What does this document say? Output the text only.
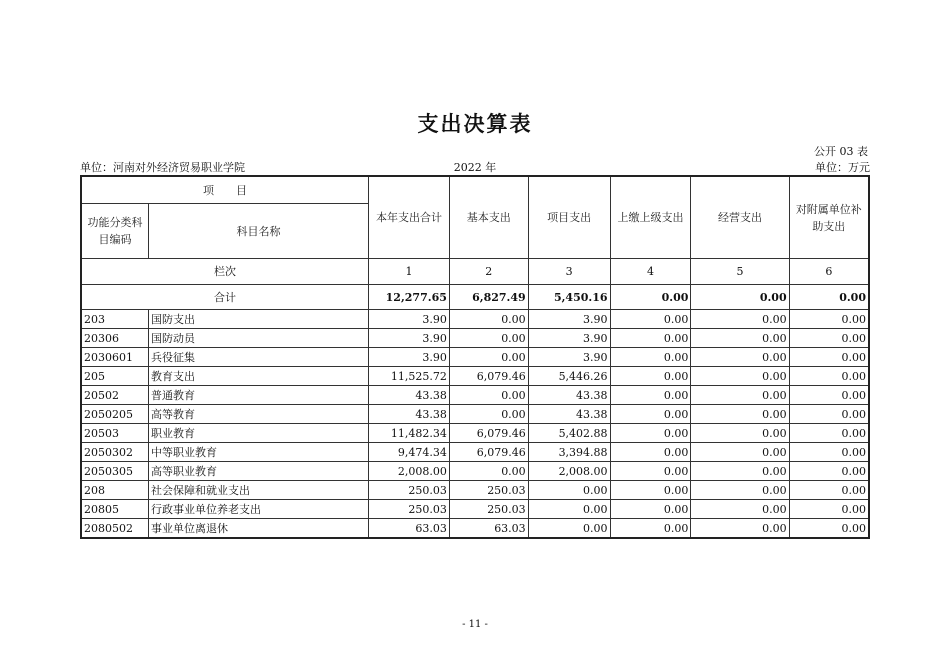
支出决算表
公开 03 表
单位：河南对外经济贸易职业学院	2022 年	单位：万元
项　　目		本年支出合计	基本支出	项目支出	上缴上级支出	经营支出	对附属单位补助支出
功能分类科目编码	科目名称						
栏次		1	2	3	4	5	6
合计		12,277.65	6,827.49	5,450.16	0.00	0.00	0.00
203	国防支出	3.90	0.00	3.90	0.00	0.00	0.00
20306	国防动员	3.90	0.00	3.90	0.00	0.00	0.00
2030601	兵役征集	3.90	0.00	3.90	0.00	0.00	0.00
205	教育支出	11,525.72	6,079.46	5,446.26	0.00	0.00	0.00
20502	普通教育	43.38	0.00	43.38	0.00	0.00	0.00
2050205	高等教育	43.38	0.00	43.38	0.00	0.00	0.00
20503	职业教育	11,482.34	6,079.46	5,402.88	0.00	0.00	0.00
2050302	中等职业教育	9,474.34	6,079.46	3,394.88	0.00	0.00	0.00
2050305	高等职业教育	2,008.00	0.00	2,008.00	0.00	0.00	0.00
208	社会保障和就业支出	250.03	250.03	0.00	0.00	0.00	0.00
20805	行政事业单位养老支出	250.03	250.03	0.00	0.00	0.00	0.00
2080502	事业单位离退休	63.03	63.03	0.00	0.00	0.00	0.00
- 11 -
